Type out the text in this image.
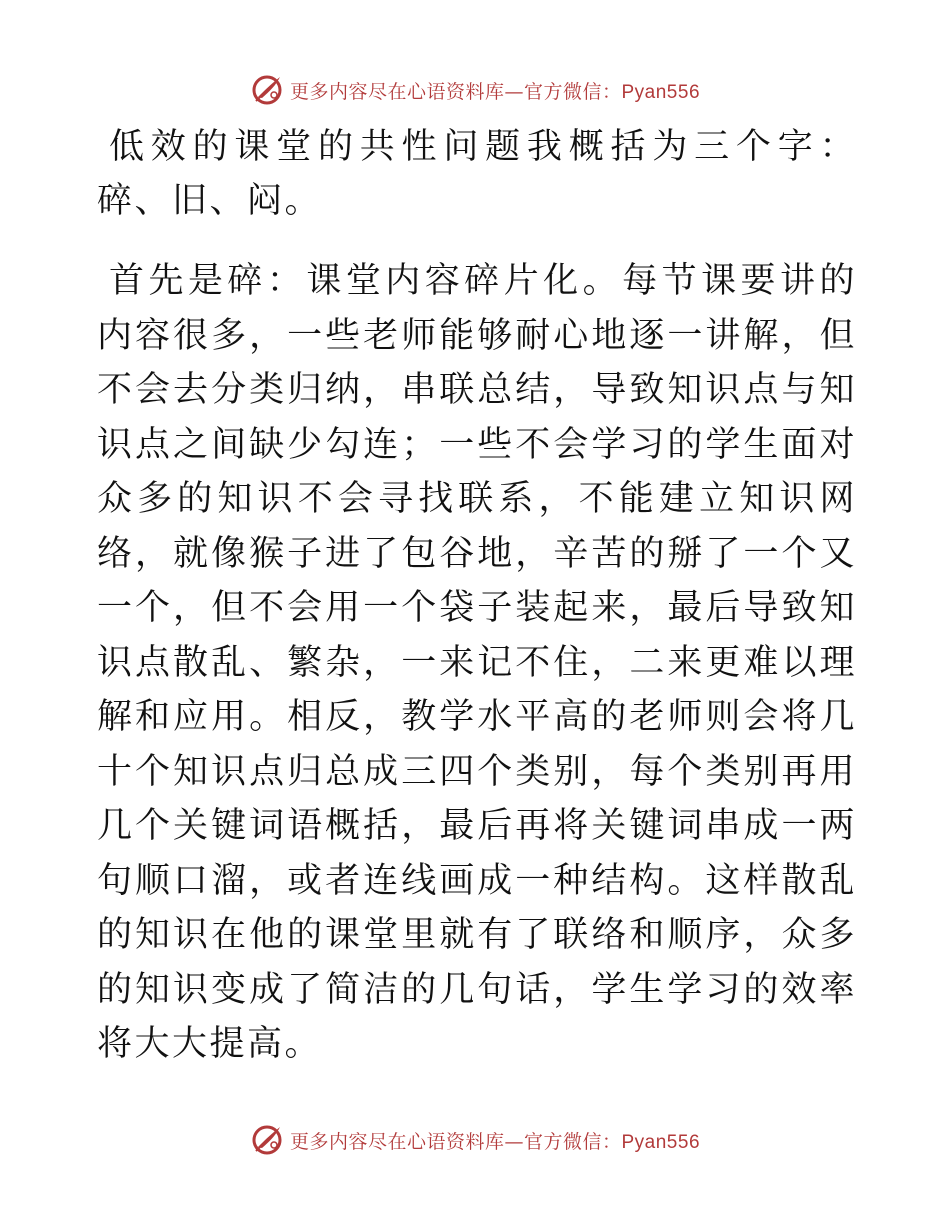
更多内容尽在心语资料库—官方微信：Pyan556

低效的课堂的共性问题我概括为三个字：碎、旧、闷。

首先是碎：课堂内容碎片化。每节课要讲的内容很多，一些老师能够耐心地逐一讲解，但不会去分类归纳，串联总结，导致知识点与知识点之间缺少勾连；一些不会学习的学生面对众多的知识不会寻找联系，不能建立知识网络，就像猴子进了包谷地，辛苦的掰了一个又一个，但不会用一个袋子装起来，最后导致知识点散乱、繁杂，一来记不住，二来更难以理解和应用。相反，教学水平高的老师则会将几十个知识点归总成三四个类别，每个类别再用几个关键词语概括，最后再将关键词串成一两句顺口溜，或者连线画成一种结构。这样散乱的知识在他的课堂里就有了联络和顺序，众多的知识变成了简洁的几句话，学生学习的效率将大大提高。

更多内容尽在心语资料库—官方微信：Pyan556
